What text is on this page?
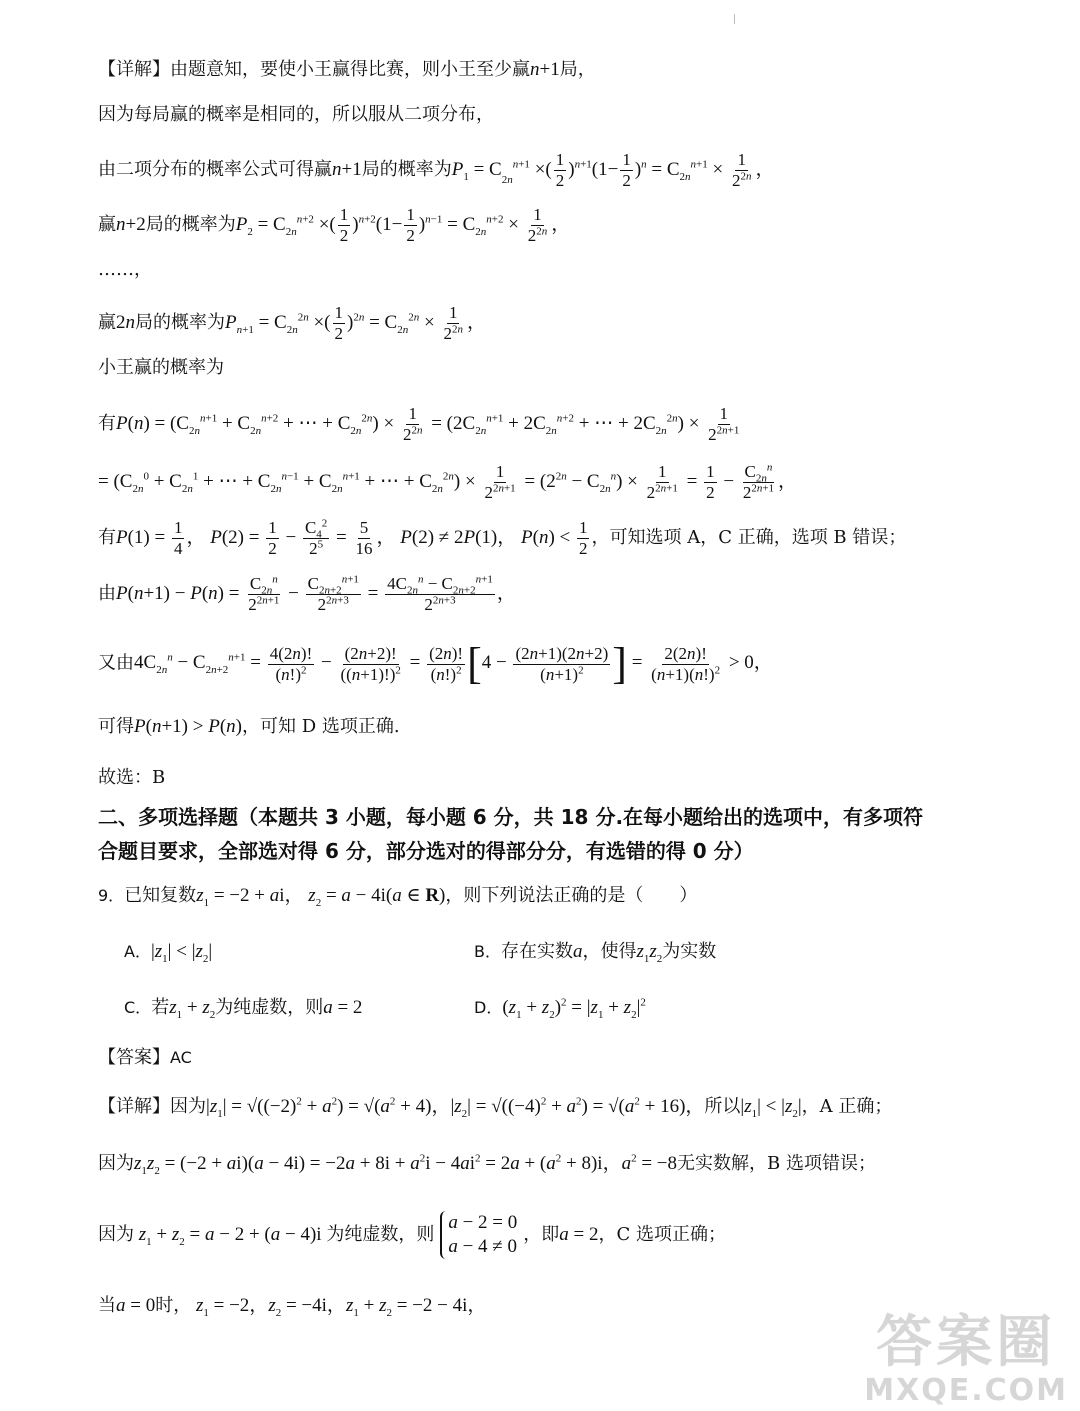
【详解】由题意知，要使小王赢得比赛，则小王至少赢n+1局，
因为每局赢的概率是相同的，所以服从二项分布，
由二项分布的概率公式可得赢n+1局的概率为$P_1 = C_{_{2n}}^{n+1}$ ×( $\frac{1}{2} )^{n+1}(1- \frac{1}{2} )^n = C_{2n}^{n+1} \times \frac{1}{2^{2n}}$ ，
赢n+2局的概率为$P_2 = C_{2n}^{n+2}$ ×( $\frac{1}{2} )^{n+2}(1- \frac{1}{2} )^{n-1} = C_{2n}^{n+2} \times \frac{1}{2^{2n}}$ ，
……，
赢2n局的概率为$P_{n+1} = C_{2n}^{2n}$ ×( $\frac{1}{2} )^{2n} = C_{2n}^{2n} \times \frac{1}{2^{2n}}$ ，
小王赢的概率为
有$P(n) = (C_{2n}^{n+1} + C_{2n}^{n+2}$ + ⋯ + $C_{2n}^{2n}) \times \frac{1}{2^{2n}} = (2C_{2n}^{n+1} + 2C_{2n}^{n+2}$ + ⋯ + $2C_{2n}^{2n}) \times \frac{1}{2^{2n+1}}$
= ($C_{2n}^0 + C_{2n}^1$ + ⋯ + $C_{2n}^{n-1} + C_{2n}^{n+1}$ + ⋯ + $C_{2n}^{2n}) \times \frac{1}{2^{2n+1}} = (2^{2n} - C_{2n}^n) \times \frac{1}{2^{2n+1}} = \frac{1}{2} - \frac{C_{2n}^n}{2^{2n+1}}$ ，
有$P(1) = \frac{1}{4}$ ， $P(2) = \frac{1}{2} - \frac{C_4^2}{2^5} = \frac{5}{16}$ ， P(2) ≠ 2P(1)， $P(n) < \frac{1}{2}$ ，可知选项 A，C 正确，选项 B 错误；
由$P(n+1) - P(n) = \frac{C_{2n}^n}{2^{2n+1}} - \frac{C_{2n+2}^{n+1}}{2^{2n+3}} = \frac{4C_{2n}^n - C_{2n+2}^{n+1}}{2^{2n+3}}$ ，
又由$4C_{2n}^n - C_{2n+2}^{n+1} = \frac{4(2n)!}{(n!)^2} - \frac{(2n+2)!}{((n+1)!)^2} = \frac{(2n)!}{(n!)^2} [4 - \frac{(2n+1)(2n+2)}{(n+1)^2}$ ] = $\frac{2(2n)!}{(n+1)(n!)^2} > 0$，
可得P(n+1) > P(n)，可知 D 选项正确.
故选：B
二、多项选择题（本题共 3 小题，每小题 6 分，共 18 分.在每小题给出的选项中，有多项符
合题目要求，全部选对得 6 分，部分选对的得部分分，有选错的得 0 分）
9．已知复数$z_1 = -2$ + ai， $z_2 = a - 4i(a$ ∈ R)，则下列说法正确的是（　　）
A．$|z_1| < |z_2|$	B．存在实数a，使得$z_1z_2$为实数
C．若$z_1 + z_2$为纯虚数，则a = 2	D．$(z_1 + z_2)^2 = |z_1 + z_2|^2$
【答案】AC
【详解】因为$|z_1| = √((-2)^2 + a^2) = √(a^2 + 4)$，$|z_2| = √((-4)^2 + a^2) = √(a^2 + 16)$，所以$|z_1| < |z_2|$，A 正确；
因为$z_1z_2 = (-2 + ai)(a - 4i) = -2a + 8i + a^2i - 4ai^2 = 2a + (a^2 + 8)i$，$a^2 = -8$无实数解，B 选项错误；
因为 $z_1 + z_2 = a - 2 + (a - 4)i$ 为纯虚数，则
a − 2 = 0
a − 4 ≠ 0
，即 a = 2 ，C 选项正确；
当a = 0时， $z_1 = -2$，$z_2 = -4i$，$z_1 + z_2 = -2 - 4i$，
答案圈
MXQE.COM
